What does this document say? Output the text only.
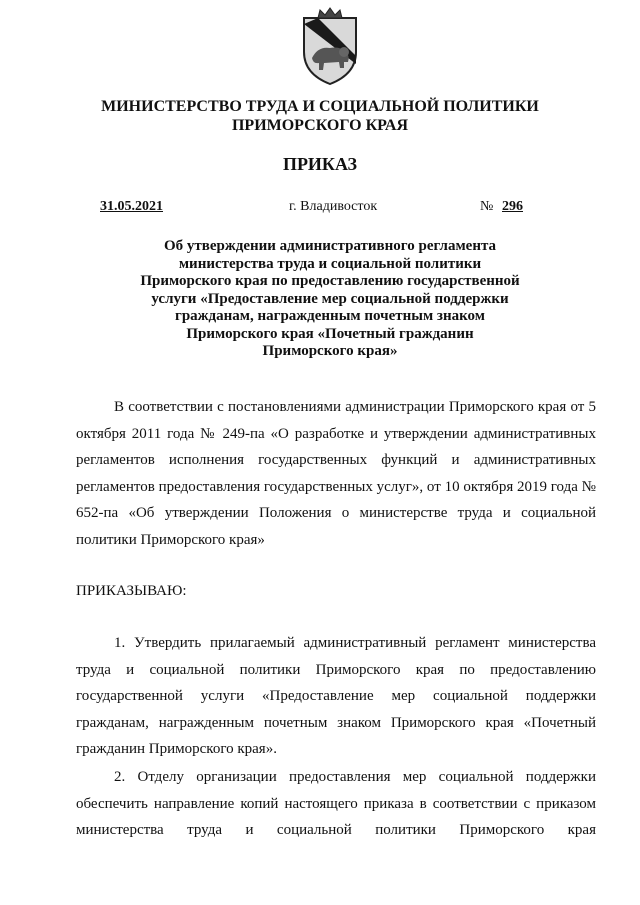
МИНИСТЕРСТВО ТРУДА И СОЦИАЛЬНОЙ ПОЛИТИКИ
ПРИМОРСКОГО КРАЯ
ПРИКАЗ
31.05.2021	г. Владивосток	№ 296
Об утверждении административного регламента
министерства труда и социальной политики
Приморского края по предоставлению государственной
услуги «Предоставление мер социальной поддержки
гражданам, награжденным почетным знаком
Приморского края «Почетный гражданин
Приморского края»

В соответствии с постановлениями администрации Приморского края от 5 октября 2011 года № 249-па «О разработке и утверждении административных регламентов исполнения государственных функций и административных регламентов предоставления государственных услуг», от 10 октября 2019 года № 652-па «Об утверждении Положения о министерстве труда и социальной политики Приморского края»

ПРИКАЗЫВАЮ:

1. Утвердить прилагаемый административный регламент министерства труда и социальной политики Приморского края по предоставлению государственной услуги «Предоставление мер социальной поддержки гражданам, награжденным почетным знаком Приморского края «Почетный гражданин Приморского края».

2. Отделу организации предоставления мер социальной поддержки обеспечить направление копий настоящего приказа в соответствии с приказом министерства труда и социальной политики Приморского края
